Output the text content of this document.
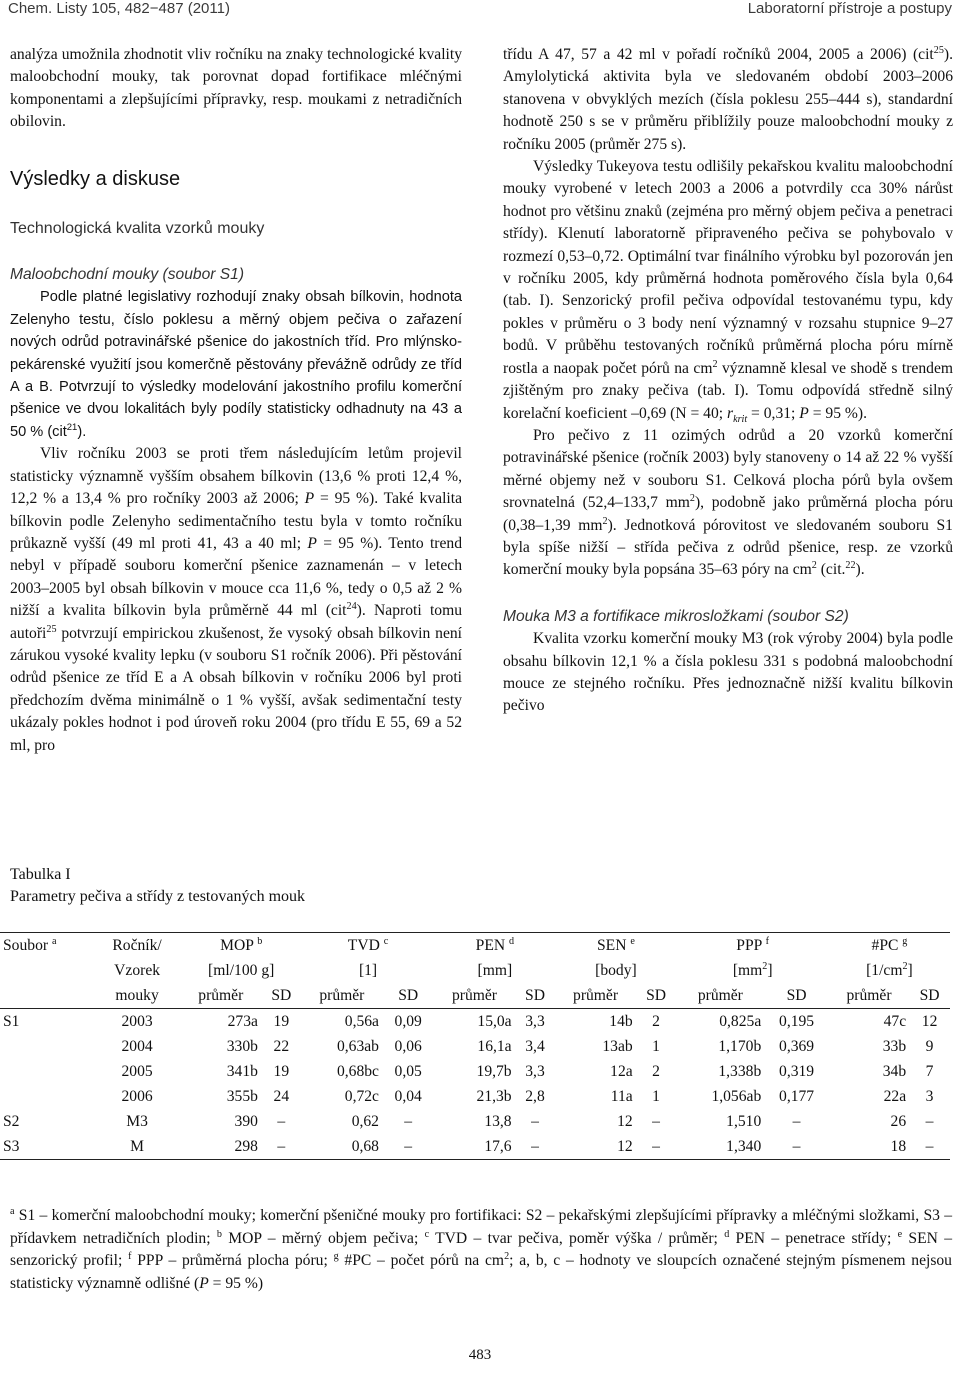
Chem. Listy 105, 482−487 (2011)	Laboratorní přístroje a postupy

analýza umožnila zhodnotit vliv ročníku na znaky technologické kvality maloobchodní mouky, tak porovnat dopad fortifikace mléčnými komponentami a zlepšujícími přípravky, resp. moukami z netradičních obilovin.

Výsledky a diskuse
Technologická kvalita vzorků mouky
Maloobchodní mouky (soubor S1)

Podle platné legislativy rozhodují znaky obsah bílkovin, hodnota Zelenyho testu, číslo poklesu a měrný objem pečiva o zařazení nových odrůd potravinářské pšenice do jakostních tříd. Pro mlýnsko-pekárenské využití jsou komerčně pěstovány převážně odrůdy ze tříd A a B. Potvrzují to výsledky modelování jakostního profilu komerční pšenice ve dvou lokalitách byly podíly statisticky odhadnuty na 43 a 50 % (cit$^{21}$).

Vliv ročníku 2003 se proti třem následujícím letům projevil statisticky významně vyšším obsahem bílkovin (13,6 % proti 12,4 %, 12,2 % a 13,4 % pro ročníky 2003 až 2006; P = 95 %). Také kvalita bílkovin podle Zelenyho sedimentačního testu byla v tomto ročníku průkazně vyšší (49 ml proti 41, 43 a 40 ml; P = 95 %). Tento trend nebyl v případě souboru komerční pšenice zaznamenán – v letech 2003–2005 byl obsah bílkovin v mouce cca 11,6 %, tedy o 0,5 až 2 % nižší a kvalita bílkovin byla průměrně 44 ml (cit$^{24}$). Naproti tomu autoři$^{25}$ potvrzují empirickou zkušenost, že vysoký obsah bílkovin není zárukou vysoké kvality lepku (v souboru S1 ročník 2006). Při pěstování odrůd pšenice ze tříd E a A obsah bílkovin v ročníku 2006 byl proti předchozím dvěma minimálně o 1 % vyšší, avšak sedimentační testy ukázaly pokles hodnot i pod úroveň roku 2004 (pro třídu E 55, 69 a 52 ml, pro

třídu A 47, 57 a 42 ml v pořadí ročníků 2004, 2005 a 2006) (cit$^{25}$). Amylolytická aktivita byla ve sledovaném období 2003–2006 stanovena v obvyklých mezích (čísla poklesu 255–444 s), standardní hodnotě 250 s se v průměru přiblížily pouze maloobchodní mouky z ročníku 2005 (průměr 275 s).

Výsledky Tukeyova testu odlišily pekařskou kvalitu maloobchodní mouky vyrobené v letech 2003 a 2006 a potvrdily cca 30% nárůst hodnot pro většinu znaků (zejména pro měrný objem pečiva a penetraci střídy). Klenutí laboratorně připraveného pečiva se pohybovalo v rozmezí 0,53–0,72. Optimální tvar finálního výrobku byl pozorován jen v ročníku 2005, kdy průměrná hodnota poměrového čísla byla 0,64 (tab. I). Senzorický profil pečiva odpovídal testovanému typu, kdy pokles v průměru o 3 body není významný v rozsahu stupnice 9–27 bodů. V průběhu testovaných ročníků průměrná plocha póru mírně rostla a naopak počet pórů na $cm^2$ významně klesal ve shodě s trendem zjištěným pro znaky pečiva (tab. I). Tomu odpovídá středně silný korelační koeficient –0,69 (N = 40; $r_{krit} = 0,31$; P = 95 %).

Pro pečivo z 11 ozimých odrůd a 20 vzorků komerční potravinářské pšenice (ročník 2003) byly stanoveny o 14 až 22 % vyšší měrné objemy než v souboru S1. Celková plocha pórů byla ovšem srovnatelná (52,4–133,7 $mm^2$), podobně jako průměrná plocha póru (0,38–1,39 $mm^2$). Jednotková pórovitost ve sledovaném souboru S1 byla spíše nižší – střída pečiva z odrůd pšenice, resp. ze vzorků komerční mouky byla popsána 35–63 póry na $cm^2$ (cit.$^{22}$).

Mouka M3 a fortifikace mikrosložkami (soubor S2)

Kvalita vzorku komerční mouky M3 (rok výroby 2004) byla podle obsahu bílkovin 12,1 % a čísla poklesu 331 s podobná maloobchodní mouce ze stejného ročníku. Přes jednoznačně nižší kvalitu bílkovin pečivo

Tabulka I
Parametry pečiva a střídy z testovaných mouk
Soubor $^a$	Ročník/	MOP $^b$		TVD $^c$		PEN $^d$		SEN $^e$		PPP $^f$		#PC $^g$
	Vzorek	[ml/100 g]		[1]		[mm]		[body]		$[mm^2]$		$[1/cm^2]$	
	mouky	průměr	SD	průměr	SD	průměr	SD	průměr	SD	průměr	SD	průměr	SD
S1	2003	273a	19	0,56a	0,09	15,0a	3,3	14b	2	0,825a	0,195	47c	12
	2004	330b	22	0,63ab	0,06	16,1a	3,4	13ab	1	1,170b	0,369	33b	9
	2005	341b	19	0,68bc	0,05	19,7b	3,3	12a	2	1,338b	0,319	34b	7
	2006	355b	24	0,72c	0,04	21,3b	2,8	11a	1	1,056ab	0,177	22a	3
S2	M3	390	–	0,62	–	13,8	–	12	–	1,510	–	26	–
S3	M	298	–	0,68	–	17,6	–	12	–	1,340	–	18	–
$^a$ S1 – komerční maloobchodní mouky; komerční pšeničné mouky pro fortifikaci: S2 – pekařskými zlepšujícími přípravky a mléčnými složkami, S3 – přídavkem netradičních plodin; $^b$ MOP – měrný objem pečiva; $^c$ TVD – tvar pečiva, poměr výška / průměr; $^d$ PEN – penetrace střídy; $^e$ SEN – senzorický profil; $^f$ PPP – průměrná plocha póru; $^g$ #PC – počet pórů na $cm^2$; a, b, c – hodnoty ve sloupcích označené stejným písmenem nejsou statisticky významně odlišné (P = 95 %)
483
